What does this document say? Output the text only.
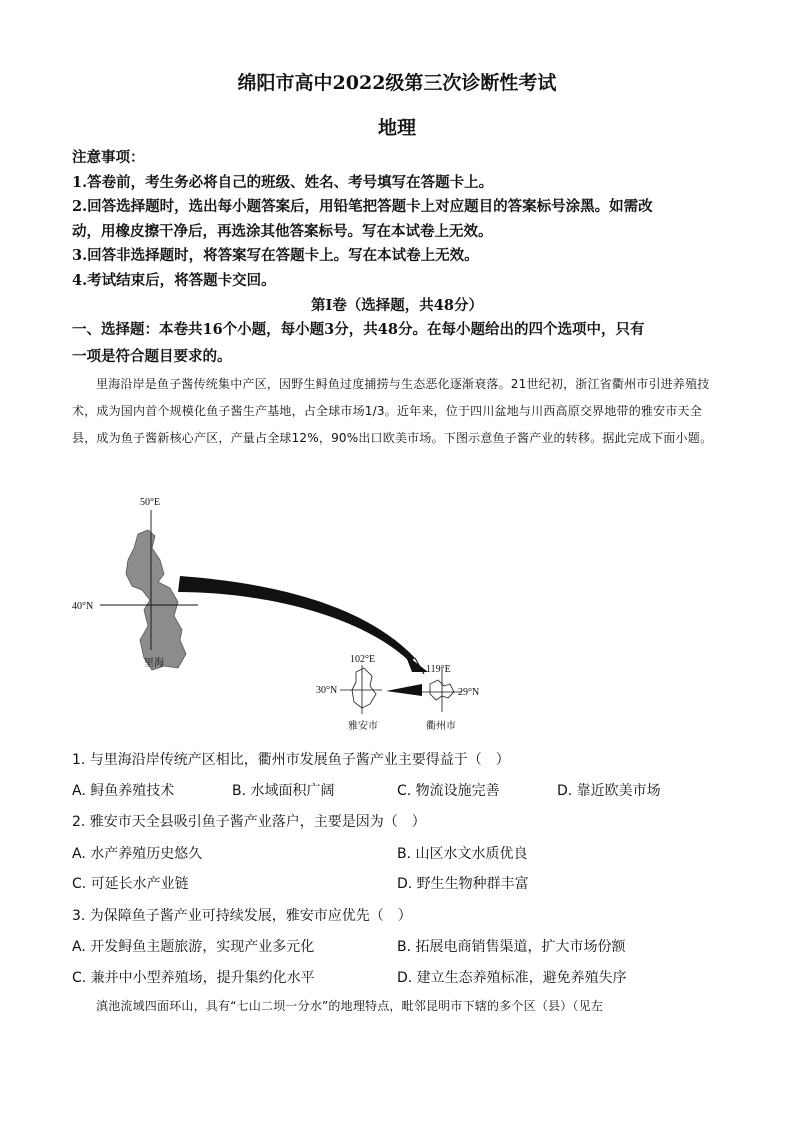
绵阳市高中2022级第三次诊断性考试
地理
注意事项：
1.答卷前，考生务必将自己的班级、姓名、考号填写在答题卡上。
2.回答选择题时，选出每小题答案后，用铅笔把答题卡上对应题目的答案标号涂黑。如需改
动，用橡皮擦干净后，再选涂其他答案标号。写在本试卷上无效。
3.回答非选择题时，将答案写在答题卡上。写在本试卷上无效。
4.考试结束后，将答题卡交回。
第Ⅰ卷（选择题，共48分）
一、选择题：本卷共16个小题，每小题3分，共48分。在每小题给出的四个选项中，只有
一项是符合题目要求的。
里海沿岸是鱼子酱传统集中产区，因野生鲟鱼过度捕捞与生态恶化逐渐衰落。21世纪初，浙江省衢州市引进养殖技术，成为国内首个规模化鱼子酱生产基地，占全球市场1/3。近年来，位于四川盆地与川西高原交界地带的雅安市天全县，成为鱼子酱新核心产区，产量占全球12%，90%出口欧美市场。下图示意鱼子酱产业的转移。据此完成下面小题。
50°E
40°N
里海	102°E
30°N
雅安市
119°E
29°N
衢州市
1. 与里海沿岸传统产区相比，衢州市发展鱼子酱产业主要得益于（　）
A. 鲟鱼养殖技术	B. 水域面积广阔	C. 物流设施完善	D. 靠近欧美市场
2. 雅安市天全县吸引鱼子酱产业落户，主要是因为（　）
A. 水产养殖历史悠久	B. 山区水文水质优良
C. 可延长水产业链	D. 野生生物种群丰富
3. 为保障鱼子酱产业可持续发展，雅安市应优先（　）
A. 开发鲟鱼主题旅游，实现产业多元化	B. 拓展电商销售渠道，扩大市场份额
C. 兼并中小型养殖场，提升集约化水平	D. 建立生态养殖标准，避免养殖失序
滇池流域四面环山，具有“七山二坝一分水”的地理特点，毗邻昆明市下辖的多个区（县）（见左
